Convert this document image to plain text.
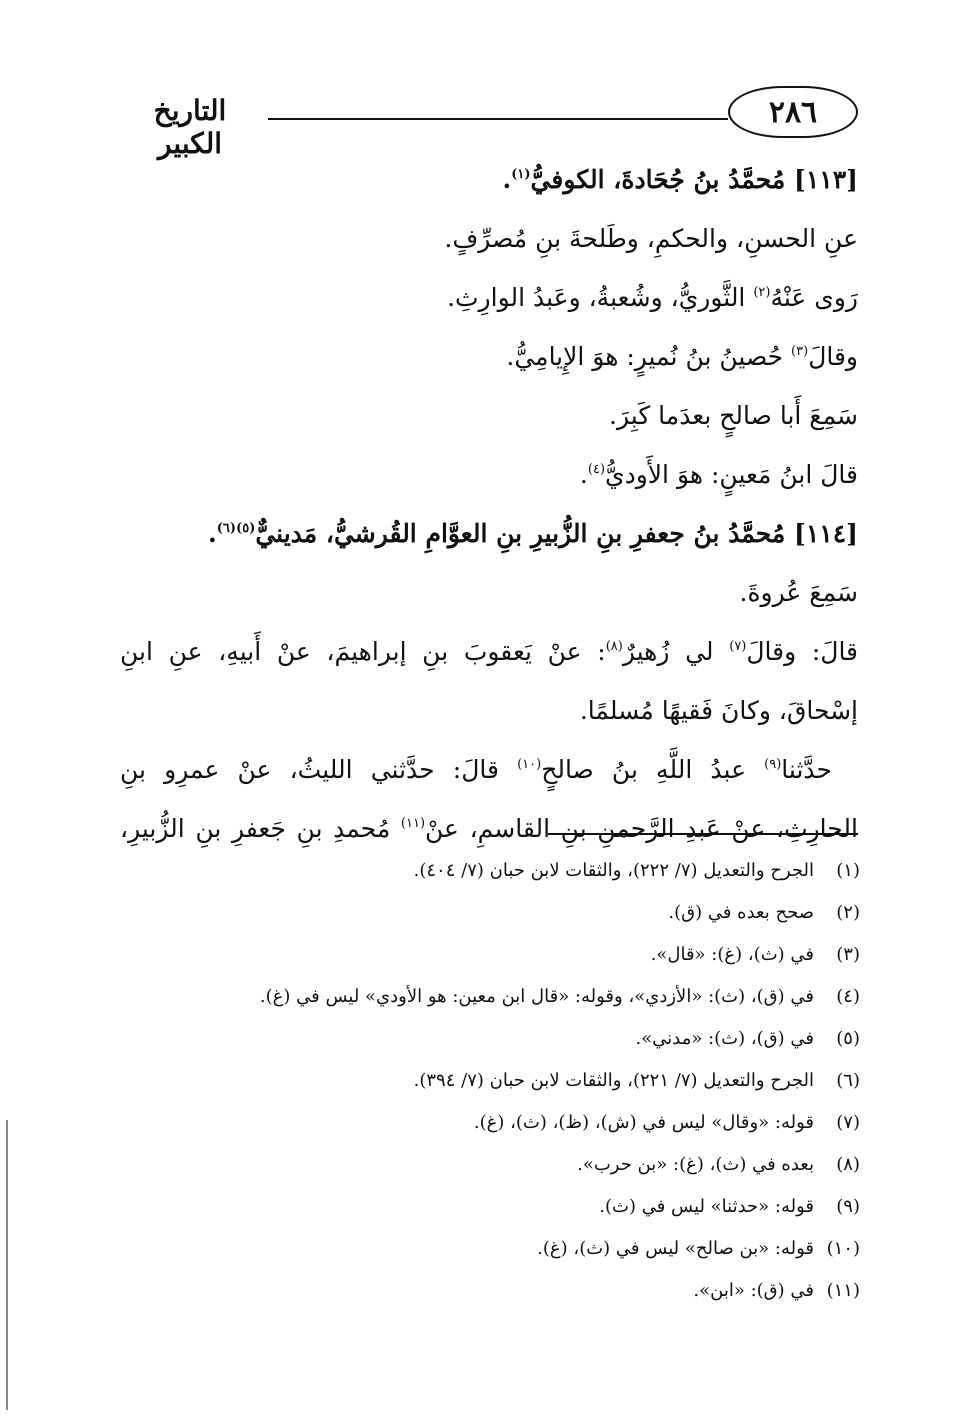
التاريخ الكبير
٢٨٦
[١١٣] مُحمَّدُ بنُ جُحَادةَ، الكوفيُّ$^{(١)}$.
عنِ الحسنِ، والحكمِ، وطَلحةَ بنِ مُصرِّفٍ.
رَوى عَنْهُ$^{(٢)}$ الثَّوريُّ، وشُعبةُ، وعَبدُ الوارِثِ.
وقالَ$^{(٣)}$ حُصينُ بنُ نُميرٍ: هوَ الإِيامِيُّ.
سَمِعَ أَبا صالحٍ بعدَما كَبِرَ.
قالَ ابنُ مَعينٍ: هوَ الأَوديُّ$^{(٤)}$.
[١١٤] مُحمَّدُ بنُ جعفرِ بنِ الزُّبيرِ بنِ العوَّامِ القُرشيُّ، مَدينيٌّ$^{(٥)(٦)}$.
سَمِعَ عُروةَ.
قالَ: وقالَ$^{(٧)}$ لي زُهيرٌ$^{(٨)}$: عنْ يَعقوبَ بنِ إبراهيمَ، عنْ أَبيهِ، عنِ ابنِ
إسْحاقَ، وكانَ فَقيهًا مُسلمًا.
حدَّثنا$^{(٩)}$ عبدُ اللَّهِ بنُ صالحٍ$^{(١٠)}$ قالَ: حدَّثني الليثُ، عنْ عمرِو بنِ
الحارِثِ، عنْ عَبدِ الرَّحمنِ بنِ القاسمِ، عنْ$^{(١١)}$ مُحمدِ بنِ جَعفرِ بنِ الزُّبيرِ،
(١)الجرح والتعديل (٧/ ٢٢٢)، والثقات لابن حبان (٧/ ٤٠٤).
(٢)صحح بعده في (ق).
(٣)في (ث)، (غ): «قال».
(٤)في (ق)، (ث): «الأزدي»، وقوله: «قال ابن معين: هو الأودي» ليس في (غ).
(٥)في (ق)، (ث): «مدني».
(٦)الجرح والتعديل (٧/ ٢٢١)، والثقات لابن حبان (٧/ ٣٩٤).
(٧)قوله: «وقال» ليس في (ش)، (ظ)، (ث)، (غ).
(٨)بعده في (ث)، (غ): «بن حرب».
(٩)قوله: «حدثنا» ليس في (ث).
(١٠)قوله: «بن صالح» ليس في (ث)، (غ).
(١١)في (ق): «ابن».
